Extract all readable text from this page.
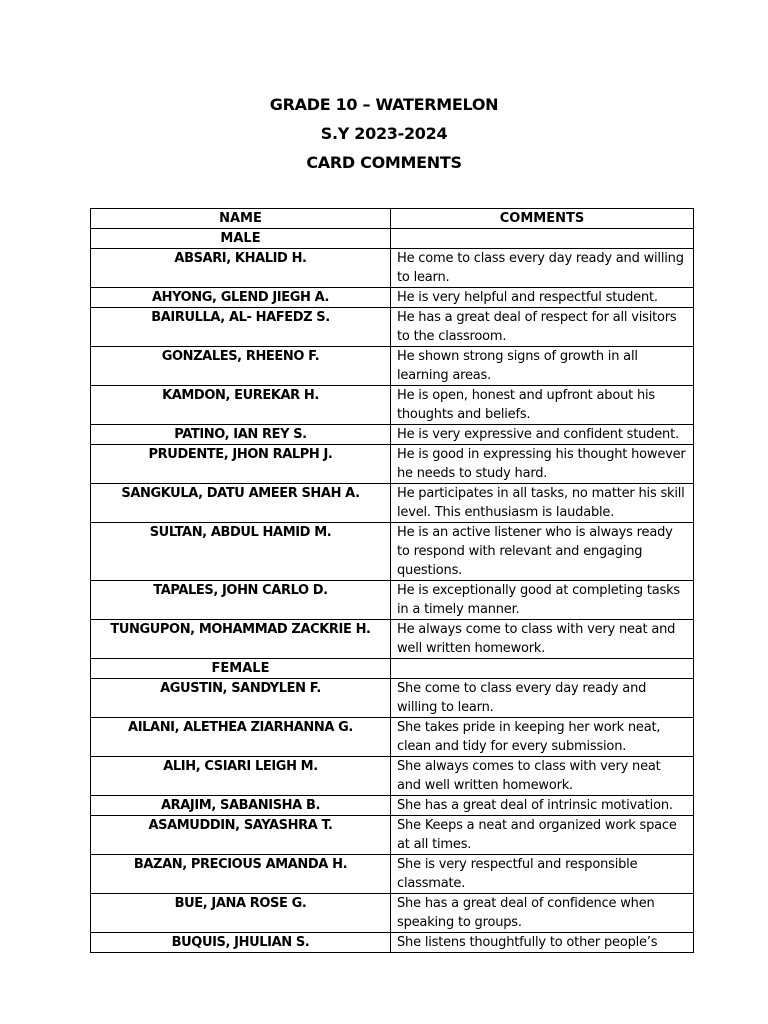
GRADE 10 – WATERMELON
S.Y 2023-2024
CARD COMMENTS
NAME	COMMENTS
MALE	
ABSARI, KHALID H.	He come to class every day ready and willing to learn.
AHYONG, GLEND JIEGH A.	He is very helpful and respectful student.
BAIRULLA, AL- HAFEDZ S.	He has a great deal of respect for all visitors to the classroom.
GONZALES, RHEENO F.	He shown strong signs of growth in all learning areas.
KAMDON, EUREKAR H.	He is open, honest and upfront about his thoughts and beliefs.
PATINO, IAN REY S.	He is very expressive and confident student.
PRUDENTE, JHON RALPH J.	He is good in expressing his thought however he needs to study hard.
SANGKULA, DATU AMEER SHAH A.	He participates in all tasks, no matter his skill level. This enthusiasm is laudable.
SULTAN, ABDUL HAMID M.	He is an active listener who is always ready to respond with relevant and engaging questions.
TAPALES, JOHN CARLO D.	He is exceptionally good at completing tasks in a timely manner.
TUNGUPON, MOHAMMAD ZACKRIE H.	He always come to class with very neat and well written homework.
FEMALE	
AGUSTIN, SANDYLEN F.	She come to class every day ready and willing to learn.
AILANI, ALETHEA ZIARHANNA G.	She takes pride in keeping her work neat, clean and tidy for every submission.
ALIH, CSIARI LEIGH M.	She always comes to class with very neat and well written homework.
ARAJIM, SABANISHA B.	She has a great deal of intrinsic motivation.
ASAMUDDIN, SAYASHRA T.	She Keeps a neat and organized work space at all times.
BAZAN, PRECIOUS AMANDA H.	She is very respectful and responsible classmate.
BUE, JANA ROSE G.	She has a great deal of confidence when speaking to groups.
BUQUIS, JHULIAN S.	She listens thoughtfully to other people’s
